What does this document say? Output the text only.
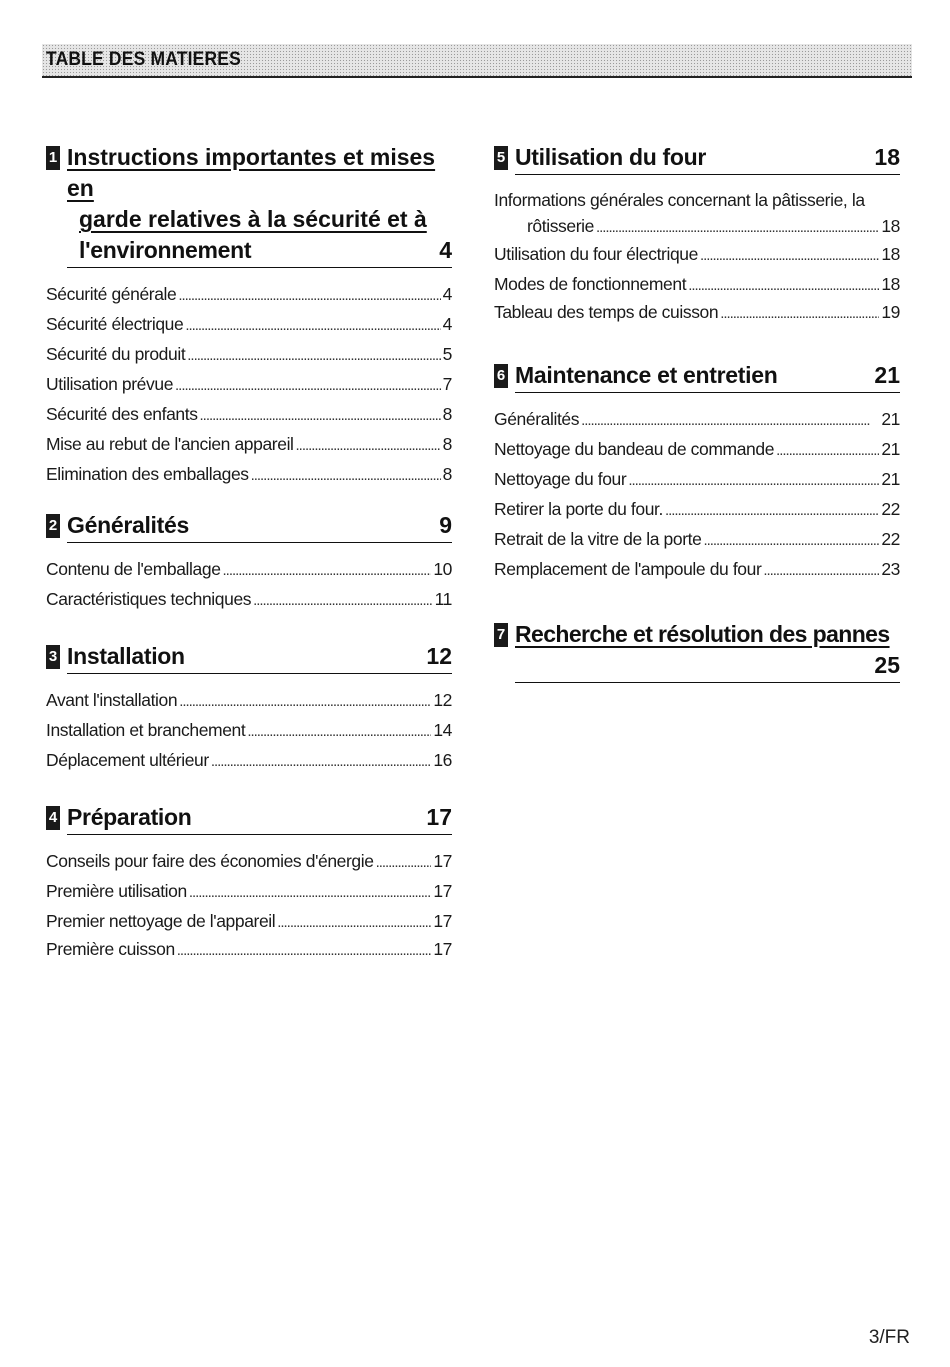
TABLE DES MATIERES
1 Instructions importantes et mises en
garde relatives à la sécurité et à
l'environnement	4
Sécurité générale . . .	4
Sécurité électrique . . .	4
Sécurité du produit . . .	5
Utilisation prévue . . .	7
Sécurité des enfants . . .	8
Mise au rebut de l'ancien appareil . . .	8
Elimination des emballages . . .	8
2 Généralités	9
Contenu de l'emballage . . .	10
Caractéristiques techniques . . .	11
3 Installation	12
Avant l'installation . . .	12
Installation et branchement . . .	14
Déplacement ultérieur . . .	16
4 Préparation	17
Conseils pour faire des économies d'énergie . . .	17
Première utilisation . . .	17
Premier nettoyage de l'appareil . . .	17
Première cuisson . . .	17
5 Utilisation du four	18
Informations générales concernant la pâtisserie, la
rôtisserie . . .	18
Utilisation du four électrique . . .	18
Modes de fonctionnement . . .	18
Tableau des temps de cuisson . . .	19
6 Maintenance et entretien	21
Généralités . . .	21
Nettoyage du bandeau de commande . . .	21
Nettoyage du four . . .	21
Retirer la porte du four. . . .	22
Retrait de la vitre de la porte . . .	22
Remplacement de l'ampoule du four . . .	23
7 Recherche et résolution des pannes
25
3/FR
